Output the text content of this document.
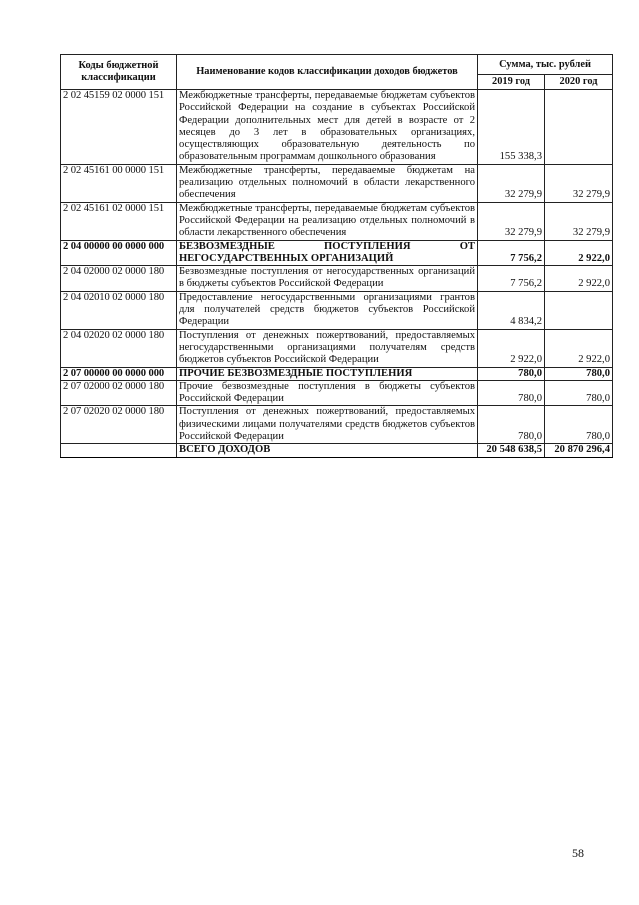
Коды бюджетной классификации	Наименование кодов классификации доходов бюджетов	Сумма, тыс. рублей	
		2019 год	2020 год
2 02 45159 02 0000 151	Межбюджетные трансферты, передаваемые бюджетам субъектов Российской Федерации на создание в субъектах Российской Федерации дополнительных мест для детей в возрасте от 2 месяцев до 3 лет в образовательных организациях, осуществляющих образовательную деятельность по образовательным программам дошкольного образования	155 338,3	
2 02 45161 00 0000 151	Межбюджетные трансферты, передаваемые бюджетам на реализацию отдельных полномочий в области лекарственного обеспечения	32 279,9	32 279,9
2 02 45161 02 0000 151	Межбюджетные трансферты, передаваемые бюджетам субъектов Российской Федерации на реализацию отдельных полномочий в области лекарственного обеспечения	32 279,9	32 279,9
2 04 00000 00 0000 000	БЕЗВОЗМЕЗДНЫЕ ПОСТУПЛЕНИЯ ОТ НЕГОСУДАРСТВЕННЫХ ОРГАНИЗАЦИЙ	7 756,2	2 922,0
2 04 02000 02 0000 180	Безвозмездные поступления от негосударственных организаций в бюджеты субъектов Российской Федерации	7 756,2	2 922,0
2 04 02010 02 0000 180	Предоставление негосударственными организациями грантов для получателей средств бюджетов субъектов Российской Федерации	4 834,2	
2 04 02020 02 0000 180	Поступления от денежных пожертвований, предоставляемых негосударственными организациями получателям средств бюджетов субъектов Российской Федерации	2 922,0	2 922,0
2 07 00000 00 0000 000	ПРОЧИЕ БЕЗВОЗМЕЗДНЫЕ ПОСТУПЛЕНИЯ	780,0	780,0
2 07 02000 02 0000 180	Прочие безвозмездные поступления в бюджеты субъектов Российской Федерации	780,0	780,0
2 07 02020 02 0000 180	Поступления от денежных пожертвований, предоставляемых физическими лицами получателями средств бюджетов субъектов Российской Федерации	780,0	780,0
	ВСЕГО ДОХОДОВ	20 548 638,5	20 870 296,4
58
